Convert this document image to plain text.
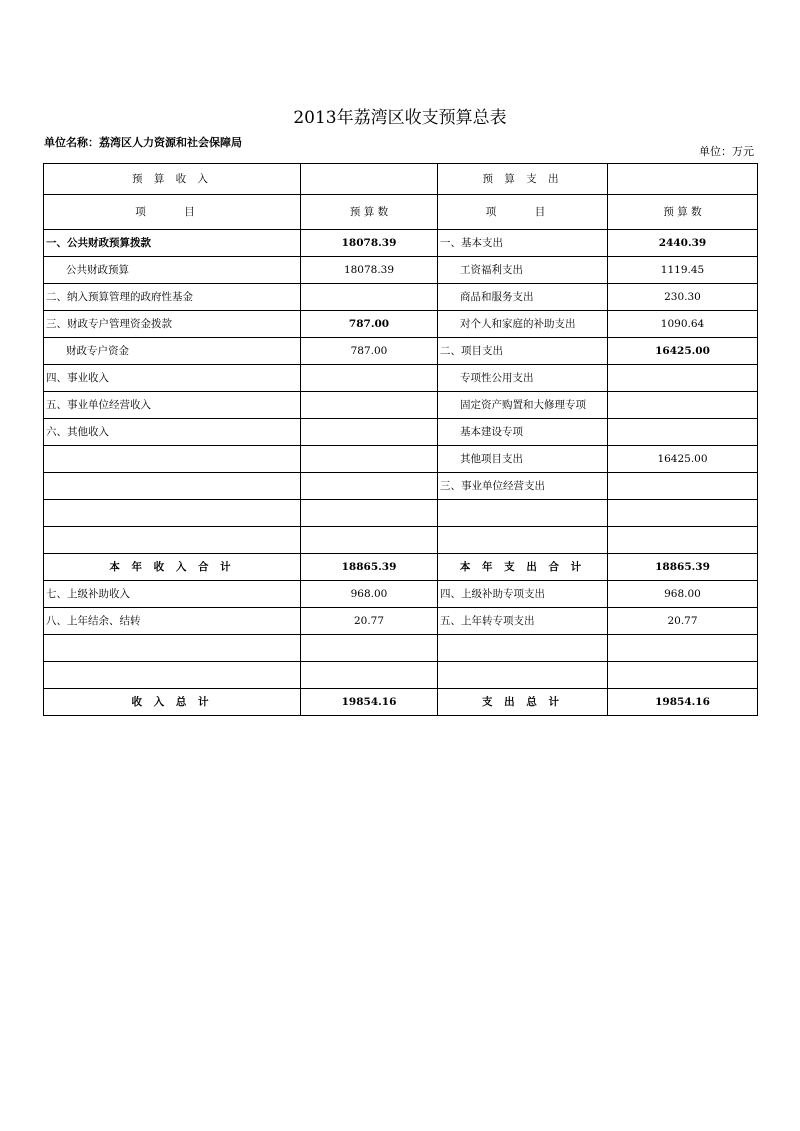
2013年荔湾区收支预算总表
单位名称：荔湾区人力资源和社会保障局
单位：万元
预 算 收 入		预 算 支 出	
项　目	预 算 数	项　目	预 算 数
一、公共财政预算拨款	18078.39	一、基本支出	2440.39
公共财政预算	18078.39	工资福利支出	1119.45
二、纳入预算管理的政府性基金		商品和服务支出	230.30
三、财政专户管理资金拨款	787.00	对个人和家庭的补助支出	1090.64
财政专户资金	787.00	二、项目支出	16425.00
四、事业收入		专项性公用支出	
五、事业单位经营收入		固定资产购置和大修理专项	
六、其他收入		基本建设专项	
		其他项目支出	16425.00
		三、事业单位经营支出	

本 年 收 入 合 计	18865.39	本 年 支 出 合 计	18865.39
七、上级补助收入	968.00	四、上级补助专项支出	968.00
八、上年结余、结转	20.77	五、上年转专项支出	20.77

收 入 总 计	19854.16	支 出 总 计	19854.16
